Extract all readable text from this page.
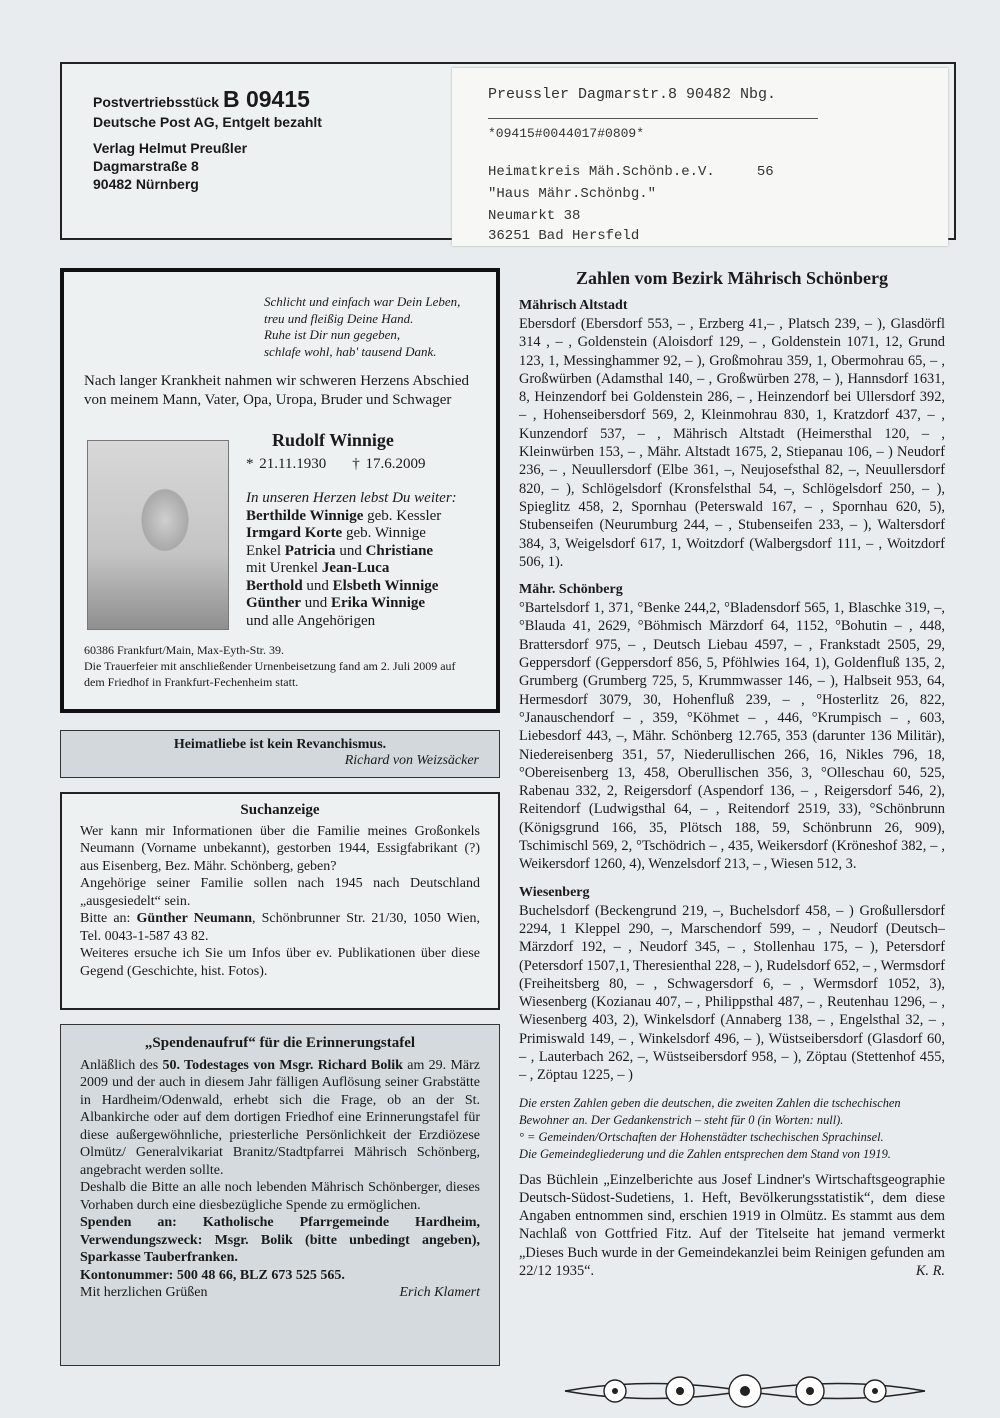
Postvertriebsstück B 09415
Deutsche Post AG, Entgelt bezahlt
Verlag Helmut Preußler
Dagmarstraße 8
90482 Nürnberg
Preussler Dagmarstr.8 90482 Nbg.
*09415#0044017#0809*
Heimatkreis Mäh.Schönb.e.V.     56
"Haus Mähr.Schönbg."
Neumarkt 38
36251 Bad Hersfeld
Schlicht und einfach war Dein Leben,
treu und fleißig Deine Hand.
Ruhe ist Dir nun gegeben,
schlafe wohl, hab' tausend Dank.
Nach langer Krankheit nahmen wir schweren Herzens Abschied von meinem Mann, Vater, Opa, Uropa, Bruder und Schwager
Rudolf Winnige
* 21.11.1930 † 17.6.2009
In unseren Herzen lebst Du weiter:
Berthilde Winnige geb. Kessler
Irmgard Korte geb. Winnige
Enkel Patricia und Christiane
mit Urenkel Jean-Luca
Berthold und Elsbeth Winnige
Günther und Erika Winnige
und alle Angehörigen
60386 Frankfurt/Main, Max-Eyth-Str. 39.
Die Trauerfeier mit anschließender Urnenbeisetzung fand am 2. Juli 2009 auf dem Friedhof in Frankfurt-Fechenheim statt.
Heimatliebe ist kein Revanchismus.
Richard von Weizsäcker
Suchanzeige
Wer kann mir Informationen über die Familie meines Großonkels Neumann (Vorname unbekannt), gestorben 1944, Essigfabrikant (?) aus Eisenberg, Bez. Mähr. Schönberg, geben?
Angehörige seiner Familie sollen nach 1945 nach Deutschland „ausgesiedelt“ sein.
Bitte an: Günther Neumann, Schönbrunner Str. 21/30, 1050 Wien, Tel. 0043-1-587 43 82.
Weiteres ersuche ich Sie um Infos über ev. Publikationen über diese Gegend (Geschichte, hist. Fotos).
„Spendenaufruf“ für die Erinnerungstafel
Anläßlich des 50. Todestages von Msgr. Richard Bolik am 29. März 2009 und der auch in diesem Jahr fälligen Auflösung seiner Grabstätte in Hardheim/Odenwald, erhebt sich die Frage, ob an der St. Albankirche oder auf dem dortigen Friedhof eine Erinnerungstafel für diese außergewöhnliche, priesterliche Persönlichkeit der Erzdiözese Olmütz/ Generalvikariat Branitz/Stadtpfarrei Mährisch Schönberg, angebracht werden sollte.
Deshalb die Bitte an alle noch lebenden Mährisch Schönberger, dieses Vorhaben durch eine diesbezügliche Spende zu ermöglichen.
Spenden an: Katholische Pfarrgemeinde Hardheim, Verwendungszweck: Msgr. Bolik (bitte unbedingt angeben), Sparkasse Tauberfranken.
Kontonummer: 500 48 66, BLZ 673 525 565.
Mit herzlichen Grüßen	Erich Klamert
Zahlen vom Bezirk Mährisch Schönberg
Mährisch Altstadt

Ebersdorf (Ebersdorf 553, – , Erzberg 41,– , Platsch 239, – ), Glasdörfl 314 , – , Goldenstein (Aloisdorf 129, – , Goldenstein 1071, 12, Grund 123, 1, Messinghammer 92, – ), Großmohrau 359, 1, Obermohrau 65, – , Großwürben (Adamsthal 140, – , Großwürben 278, – ), Hannsdorf 1631, 8, Heinzendorf bei Goldenstein 286, – , Heinzendorf bei Ullersdorf 392, – , Hohenseibersdorf 569, 2, Kleinmohrau 830, 1, Kratzdorf 437, – , Kunzendorf 537, – , Mährisch Altstadt (Heimersthal 120, – , Kleinwürben 153, – , Mähr. Altstadt 1675, 2, Stiepanau 106, – ) Neudorf 236, – , Neuullersdorf (Elbe 361, –, Neujosefsthal 82, –, Neuullersdorf 820, – ), Schlögelsdorf (Kronsfelsthal 54, –, Schlögelsdorf 250, – ), Spieglitz 458, 2, Spornhau (Peterswald 167, – , Spornhau 620, 5), Stubenseifen (Neurumburg 244, – , Stubenseifen 233, – ), Waltersdorf 384, 3, Weigelsdorf 617, 1, Woitzdorf (Walbergsdorf 111, – , Woitzdorf 506, 1).

Mähr. Schönberg

°Bartelsdorf 1, 371, °Benke 244,2, °Bladensdorf 565, 1, Blaschke 319, –, °Blauda 41, 2629, °Böhmisch Märzdorf 64, 1152, °Bohutin – , 448, Brattersdorf 975, – , Deutsch Liebau 4597, – , Frankstadt 2505, 29, Geppersdorf (Geppersdorf 856, 5, Pföhlwies 164, 1), Goldenfluß 135, 2, Grumberg (Grumberg 725, 5, Krummwasser 146, – ), Halbseit 953, 64, Hermesdorf 3079, 30, Hohenfluß 239, – , °Hosterlitz 26, 822, °Janauschendorf – , 359, °Köhmet – , 446, °Krumpisch – , 603, Liebesdorf 443, –, Mähr. Schönberg 12.765, 353 (darunter 136 Militär), Niedereisenberg 351, 57, Niederullischen 266, 16, Nikles 796, 18, °Obereisenberg 13, 458, Oberullischen 356, 3, °Olleschau 60, 525, Rabenau 332, 2, Reigersdorf (Aspendorf 136, – , Reigersdorf 546, 2), Reitendorf (Ludwigsthal 64, – , Reitendorf 2519, 33), °Schönbrunn (Königsgrund 166, 35, Plötsch 188, 59, Schönbrunn 26, 909), Tschimischl 569, 2, °Tschödrich – , 435, Weikersdorf (Kröneshof 382, – , Weikersdorf 1260, 4), Wenzelsdorf 213, – , Wiesen 512, 3.

Wiesenberg

Buchelsdorf (Beckengrund 219, –, Buchelsdorf 458, – ) Großullersdorf 2294, 1 Kleppel 290, –, Marschendorf 599, – , Neudorf (Deutsch–Märzdorf 192, – , Neudorf 345, – , Stollenhau 175, – ), Petersdorf (Petersdorf 1507,1, Theresienthal 228, – ), Rudelsdorf 652, – , Wermsdorf (Freiheitsberg 80, – , Schwagersdorf 6, – , Wermsdorf 1052, 3), Wiesenberg (Kozianau 407, – , Philippsthal 487, – , Reutenhau 1296, – , Wiesenberg 403, 2), Winkelsdorf (Annaberg 138, – , Engelsthal 32, – , Primiswald 149, – , Winkelsdorf 496, – ), Wüstseibersdorf (Glasdorf 60, – , Lauterbach 262, –, Wüstseibersdorf 958, – ), Zöptau (Stettenhof 455, – , Zöptau 1225, – )

Die ersten Zahlen geben die deutschen, die zweiten Zahlen die tschechischen Bewohner an. Der Gedankenstrich – steht für 0 (in Worten: null).
° = Gemeinden/Ortschaften der Hohenstädter tschechischen Sprachinsel.
Die Gemeindegliederung und die Zahlen entsprechen dem Stand von 1919.

Das Büchlein „Einzelberichte aus Josef Lindner's Wirtschaftsgeographie Deutsch-Südost-Sudetiens, 1. Heft, Bevölkerungsstatistik“, dem diese Angaben entnommen sind, erschien 1919 in Olmütz. Es stammt aus dem Nachlaß von Gottfried Fitz. Auf der Titelseite hat jemand vermerkt „Dieses Buch wurde in der Gemeindekanzlei beim Reinigen gefunden am 22/12 1935“.	K. R.
